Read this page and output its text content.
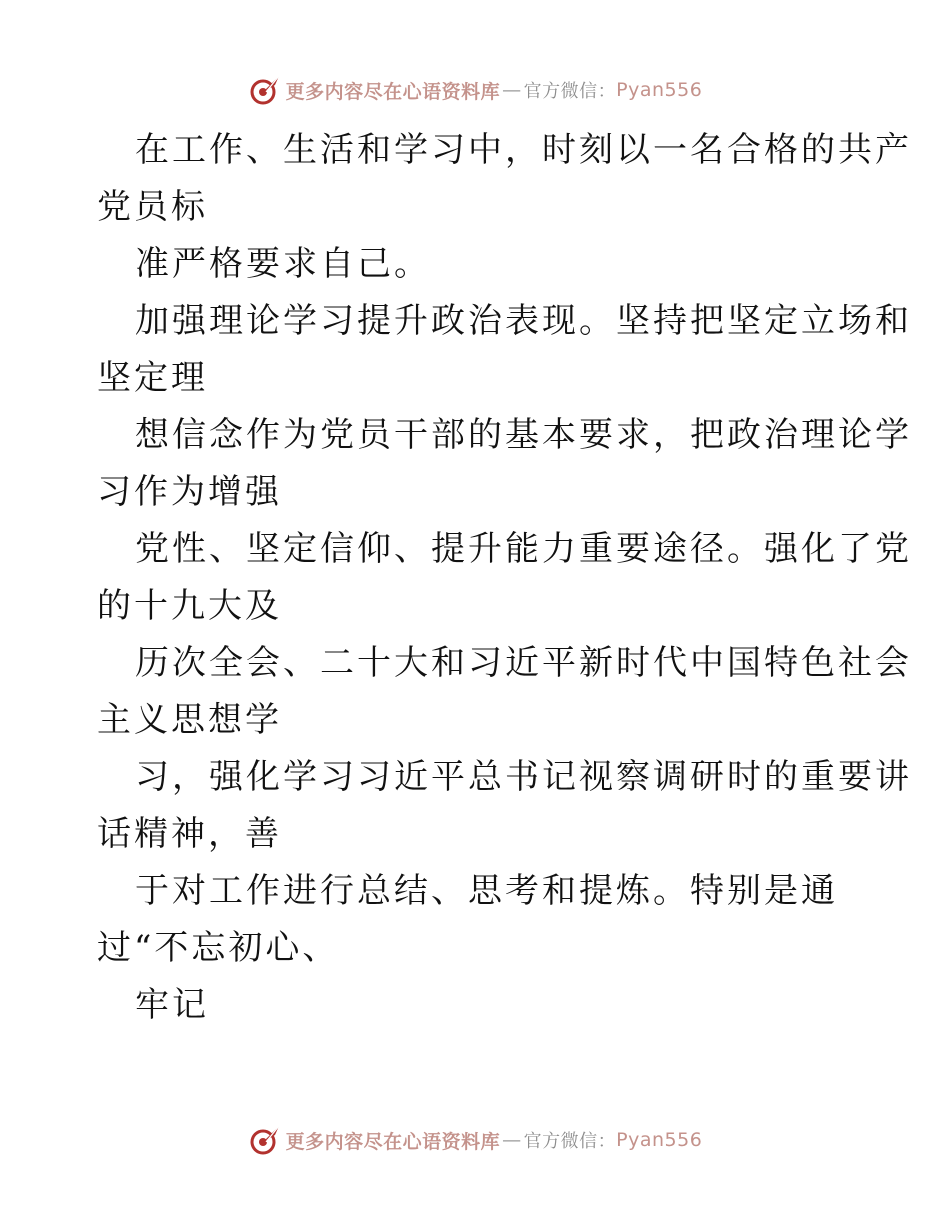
更多内容尽在心语资料库 — 官方微信： Pyan556
在工作、生活和学习中，时刻以一名合格的共产
党员标
准严格要求自己。
加强理论学习提升政治表现。坚持把坚定立场和
坚定理
想信念作为党员干部的基本要求，把政治理论学
习作为增强
党性、坚定信仰、提升能力重要途径。强化了党
的十九大及
历次全会、二十大和习近平新时代中国特色社会
主义思想学
习，强化学习习近平总书记视察调研时的重要讲
话精神，善
于对工作进行总结、思考和提炼。特别是通
过“不忘初心、
牢记
更多内容尽在心语资料库 — 官方微信： Pyan556
